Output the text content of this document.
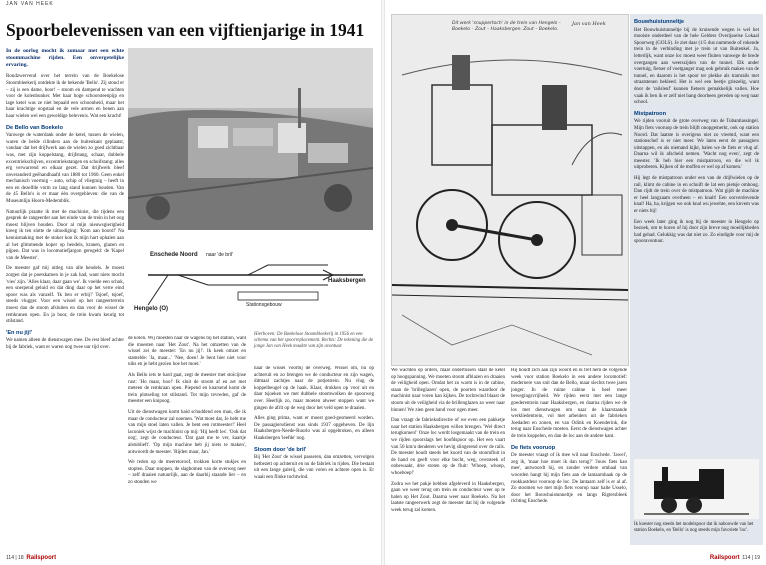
JAN VAN HEEK
Spoorbelevenissen van een vijftienjarige in 1941
In de oorlog mocht ik zomaar met een echte stoommachine rijden. Een onvergetelijke ervaring.

Rondzwervend over het terrein van de Boekelose Stoombleekerij ontdekte ik de bekende 'Bello'. Zij stond er – zij is een dame, hoor! – stoom en dampend te wachten voor de kolenbunker. Met haar hoge schoorsteenpijp en lage ketel was ze niet bepaald een schoonheid, maar het haar krachtige oogstaal en de vele armen en benen aan haar wielen wel een geweldige belevenis. Wat een kracht!

De Bello van Boekelo

Vanwege de waterdank onder de ketel, tussen de wielen, waren de beide cilinders aan de buitenkant geplaatst, vandaar dat het drijfwerk aan de wielen zo goed zichtbaar was, met zijn koppelstang, drijfstang, schaar, dubbele excentriekschijven, excentriekstangen en schuifstang; alles erg verwarrend en elkaar gezet. Dat drijfwerk bleef onveranderd geëhandhaafd van 1880 tot 1960. Geen enkel mechanisch voertuig – auto, schip of vliegtuig – heeft in een en dezelfde vorm zo lang stand kunnen houden. Van de 45 Bello's is er maar één overgebleven: die van de Museumlijn Hoorn-Medemblik.

Natuurlijk praatte ik met de machinist, die tijdens een gesprek de rangeerder aan het einde van de trein in het oog moest blijven houden. Door al mijn nieuwsgierigheid kreeg ik ten slotte de uitnodiging: 'Kom aan boord!' Na kennismaking met de stoker kon ik mijn hart ophalen aan al het glimmende koper op hendels, kranen, glazen en pijpen. Dat was in locomotiefjargon geregeld: de 'Kapel van de Meester'.

De meester gaf mij uitleg van alle hendels. Je moest zorgen dat je poetskatoen in je zak had, want niets mocht 'vies' zijn. 'Alles klaar, daar gaan we'. Ik voelde een schok, een snerpend geluid en dat ding daar op het verre eind spoor was als vanzelf. 'Ik ben er erbij!' Tsjoef, tsjoef, steeds vlugger. Voor een wissel op het rangeerterrein moest dan de stoom afsluiten en dan voor de wissel de remkranen open. En ja hoor, de trein kwam keurig tot stilstand.

'En nu jij!'

We namen alleen de dienstwagen mee. De rest bleef achter bij de fabriek, want er waren nog twee uur tijd over.

Enschede Noord
Haaksbergen
Hengelo (O)
naar 'de bril'
Stationsgebouw
Hierboven: De Boekelose Stoombleekerij in 1956 en een schema van het spoorreplacement. Rechts: De tekening die de jonge Jan van Heek maakte van zijn avontuur.

de kolen. Wij moesten naar de wagens bij het station, want die moesten naar 'Het Zout'. Na het omzetten van de wissel zei de meester: 'En nu jij!'. Ik keek omzet en stamelde: 'Ja, maar...' 'Nee, doen! Je bent hier niet voor niks en je hebt gezien hoe het moet.'

Als Bello iets te hard gaat, zegt de meester met stoïcijnse rust: 'Ho maar, hoo!' Ik sluit de stoom af en zet met meteen de remkraan open. Piepend en knarsend komt de trein plotseling tot stilstand. Tot mijn tevreden, gaf de meester een knipoog.

Uit de dienstwagen komt haid schuddend een man, die ik maar de conducteur zal noemen. 'Wat moet dat, Je hebt me van mijn stoel laten vallen. Je bent een rotmeester!' Heel laconiek wijst de machinist op mij: 'Hij heeft les'. 'Ook dat nog', zegt de conducteur. 'Dat gaat me te ver, kaartje alstublieft'. 'Op mijn machine heb jij niets te maken', antwoordt de meester. 'Rijden maar, Jan.'

We reden op de meeretoroof, trokken korte stukjes en stopten. Daar stoppen, de slagbomen van de overweg neer – zelf draaien natuurlijk, aan de daarbij staande lier – en zo stonden we

naar de wissel voorbij de overweg. Wissel om, nu op achteruit en zo brengen we de conducteur en zijn wagen, ditmaal zachtjes naar de potjestrein. Nu vlug de koppelbeugel op de haak. Klaar, drukken op voor uit en daar tsjoeken we met dubbele stoomwolken de spoorweg over. Heerlijk zo, maar moeten alweer stoppen want we gingen de afrit op de weg door het veld open te draaien.

Alles ging prima, want er moest goed-gesmeerd worden. De passagiersdienst was sinds 1937 opgeheven. De lijn Haaksbergen-Neede-Ruurlo was al opgebroken, en alleen Haaksbergen 'leefde' nog.

Stoom door 'de bril'

Bij 'Het Zout' de wissel passeren, dan omzetten, vervolgen hetbezett op achteruit en nu de fabriek in rijden. Die bestaat uit een lange galerij, die van voren en achtere open is. Er waait een flinke tochtwind.

114 | 18 Railspoort
Dit werk 'snuppertoch' in de trein van Hengelo – Boekelo – Zout – Haaksbergen. Zout – Boekelo.
Jan van Heek

We wachten op orders, maar ondertussen staat de ketel op hoogspanning. We moeten stoom afblazen en draaien de veiligheid open. Omdat het zo warm is in de cabine, staan de 'brilleglazen' open, de poorten waardoor de machinist naar voren kan kijken. De tochtwind blaast de stoom uit de veiligheid via de brillenglazen zo weer naar binnen! We zien geen hand voor ogen meer.

Dan vraagt de fabrieksdirectie of we even een pakketje naar het station Haaksbergen willen brengen. 'Wel direct terugkomen!' Onze loc wordt losgemaakt van de trein en we rijden spoorslags het hoofdspoor op. Het een vaart van 50 km/u denderen we hevig slingerend over de rails. De meester houdt steeds het koord van de stoomfluit in de hand en geeft voor elke bocht, weg, oversteek of onbewaakt, drie stoten op de fluit: 'Whoep, whoep, whoeboep!'

Zodra we het pakje hebben afgeleverd in Haaksbergen, gaan we weer terug om trein en conducteur weer op te halen op Het Zout. Daarna weer naar Boekelo. Na het laatste rangeerwerk zegt de meester dat hij de volgende week terug zal komen.

Hij houdt zich aan zijn woord en ik tref hem de volgende week voor station Boekelo in een andere locomotief: modernere van snit dan de Bello, maar slechts twee jaren jonger. In de ruime cabine is heel meer bewegingsvrijheid. We rijden eerst met een lange goederentrein naar Haaksbergen, en daarna rijden we de los met dienstwagen om naar de klaarstaande werkliedentrein, vol met arbeiders uit de fabrieken Joedaden en zonen, en van Odink en Koenderink, die terug naar Enschede moeten. Eerst de dienstwagen achter de trein koppelen, en dan de loc aan de andere kant.

De fiets vooruop

De meester vraagt of ik mee wil naar Enschede. 'Jawel', zeg ik, 'maar hoe moet ik dan terug?' 'Jouw fiets kan mee', antwoordt hij, en zonder verdere omhaal van woorden hangt hij mijn fiets aan de lantaarnhaak op de rookkastdeur vooruop de loc. De lantaarn zelf is er al af. Zo stoomen we met mijn fiets voorop naar halte Usselo, door het Bouwhuistunneltje en langs Rigtersbleek richting Enschede.

Railspoort 114 | 19
Bouwhuistunneltje

Het Bouwhuistunneltje bij de kruisende wegen is wel het mooiste onderdeel van de hele Gelders Overijsselse Lokaal Spoorweg (GOLS). Je ziet daar (1/5 dus nummode of rokende trein in de verbinding met je trein ut van Buitenkel. Ja, letterlijk, want onze loc moest weer fluiten vanwege de brede overgangen aan weerszijden van de tunnel. Elk ander voertuig, fietser of voetganger mag ook gebruik maken van de tunnel, en daarom is het spoor ter plekke als tramrails met straatstenen bekleed. Het is wel een beetje griezelig, want door de 'railsleuf' kunnen fietsers gemakkelijk vallen. Hoe vaak ik ben ik er zelf niet bang doorheen gereden op weg naar school.

Mistpatroon

We rijden vooruit de grote overweg van de Tubantiassingel. Mijn fiets vooruop de trein blijft onopgemerkt, ook op station Noord. Dat laatste is overigens niet zo vreemd, want een stationschef is er niet meer. We laten eerst de passagiers uitstappen, en als niemand kijkt, halen we de fiets er vlug af. Daarna wil ik afscheid nemen. 'Wacht nog even', zegt de meester. 'Ik heb hier een mistpatroon, en die wil ik uitproberen. Kijken of de moffen er wel op af komen.'

Hij legt de mistpatroon onder een van de drijfwielen op de rail, klimt de cabine in en schuift de lat een pietsje omhoog. Dan rijdt de trein over de mistpatroon. Wat gijdt de machine er heel langzaam overheen – en knalt! Een oorverdovende knal! Ha, ha, krijgen we ook knal wu jewehte, een knvem was er niets bij!

Een week later ging ik nog bij de meester in Hengelo op bezoek, om te horen of hij door zijn breve nog moeilijkheden had gehad. Gelukkig was dat niet zo. Zo eindigde voor mij de spooravontuur.

Ik koester nog steeds het modelspoor dat ik naboowde van het station Boekelo, en 'Bello' is nog steeds mijn favoriete 'loc'.
